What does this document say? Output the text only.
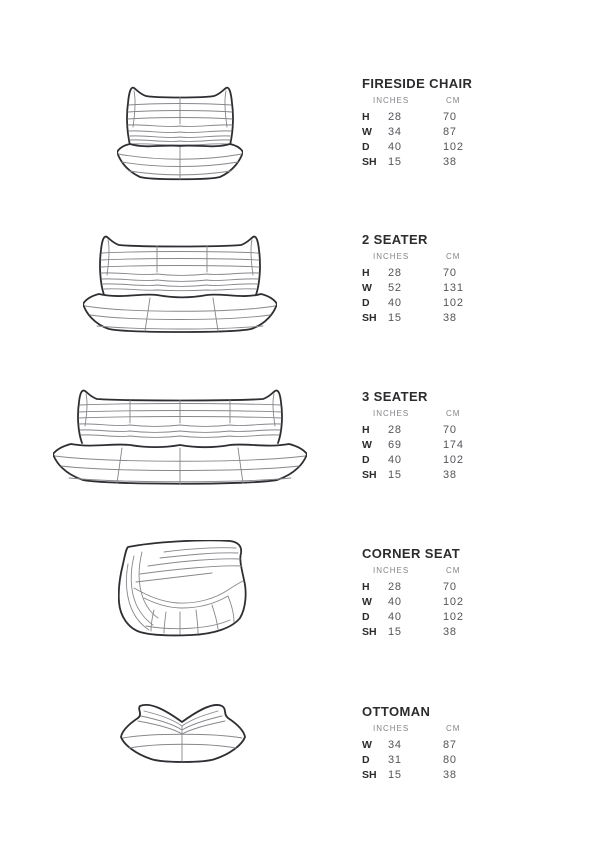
FIRESIDE CHAIR
INCHES	CM
H 28	70
W 34	87
D 40	102
SH 15	38
2 SEATER
INCHES	CM
H 28	70
W 52	131
D 40	102
SH 15	38
3 SEATER
INCHES	CM
H 28	70
W 69	174
D 40	102
SH 15	38
CORNER SEAT
INCHES	CM
H 28	70
W 40	102
D 40	102
SH 15	38
OTTOMAN
INCHES	CM
W 34	87
D 31	80
SH 15	38
